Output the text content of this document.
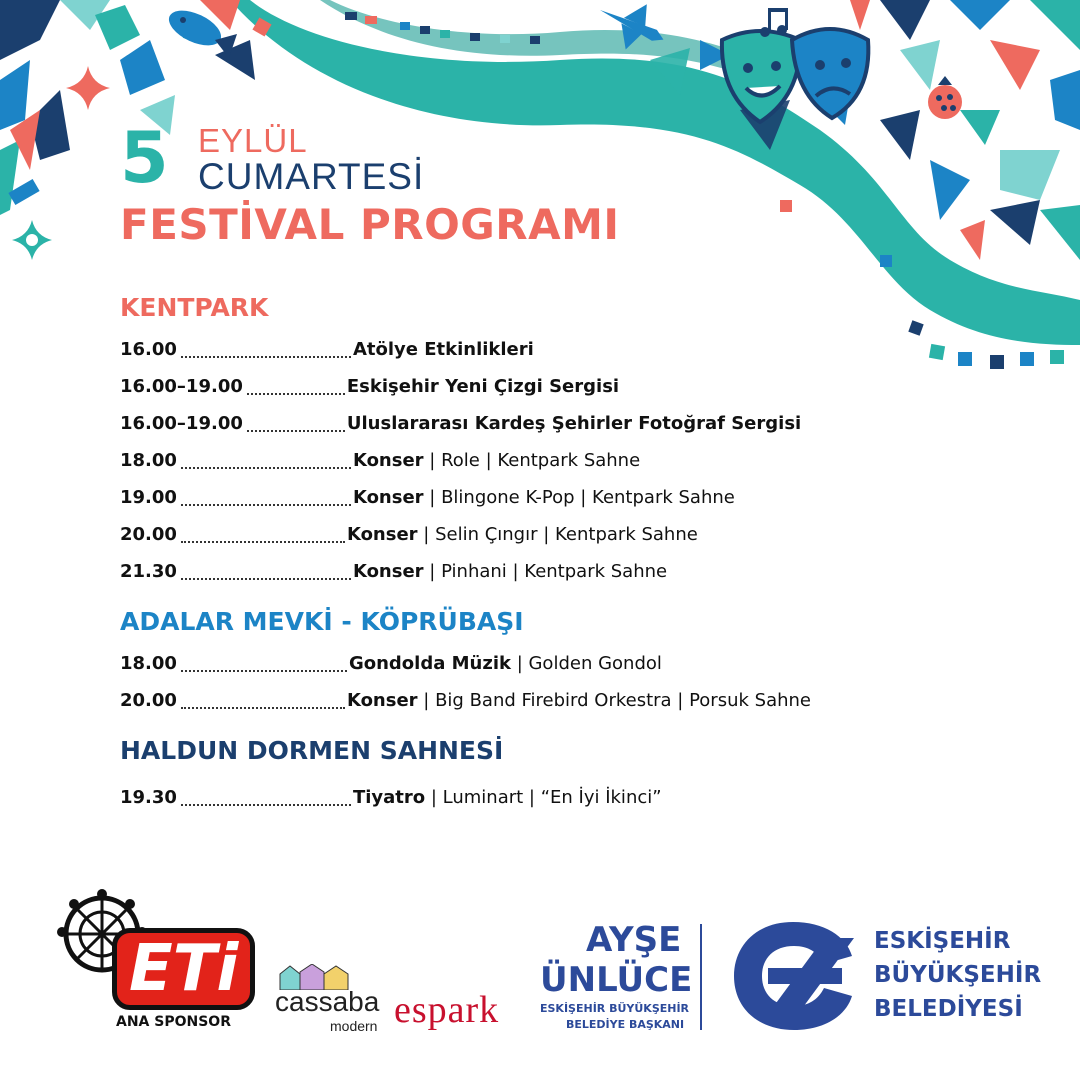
5 EYLÜL
CUMARTESİ
FESTİVAL PROGRAMI
KENTPARK
16.00	Atölye Etkinlikleri
16.00–19.00	Eskişehir Yeni Çizgi Sergisi
16.00–19.00	Uluslararası Kardeş Şehirler Fotoğraf Sergisi
18.00	Konser | Role | Kentpark Sahne
19.00	Konser | Blingone K-Pop | Kentpark Sahne
20.00	Konser | Selin Çıngır | Kentpark Sahne
21.30	Konser | Pinhani | Kentpark Sahne
ADALAR MEVKİ - KÖPRÜBAŞI
18.00	Gondolda Müzik | Golden Gondol
20.00	Konser | Big Band Firebird Orkestra | Porsuk Sahne
HALDUN DORMEN SAHNESİ
19.30	Tiyatro | Luminart | “En İyi İkinci”
ETi
ANA SPONSOR
cassaba
modern espark
AYŞE
ÜNLÜCE
ESKİŞEHİR BÜYÜKŞEHİR
BELEDİYE BAŞKANI
ESKİŞEHİR
BÜYÜKŞEHİR
BELEDİYESİ
